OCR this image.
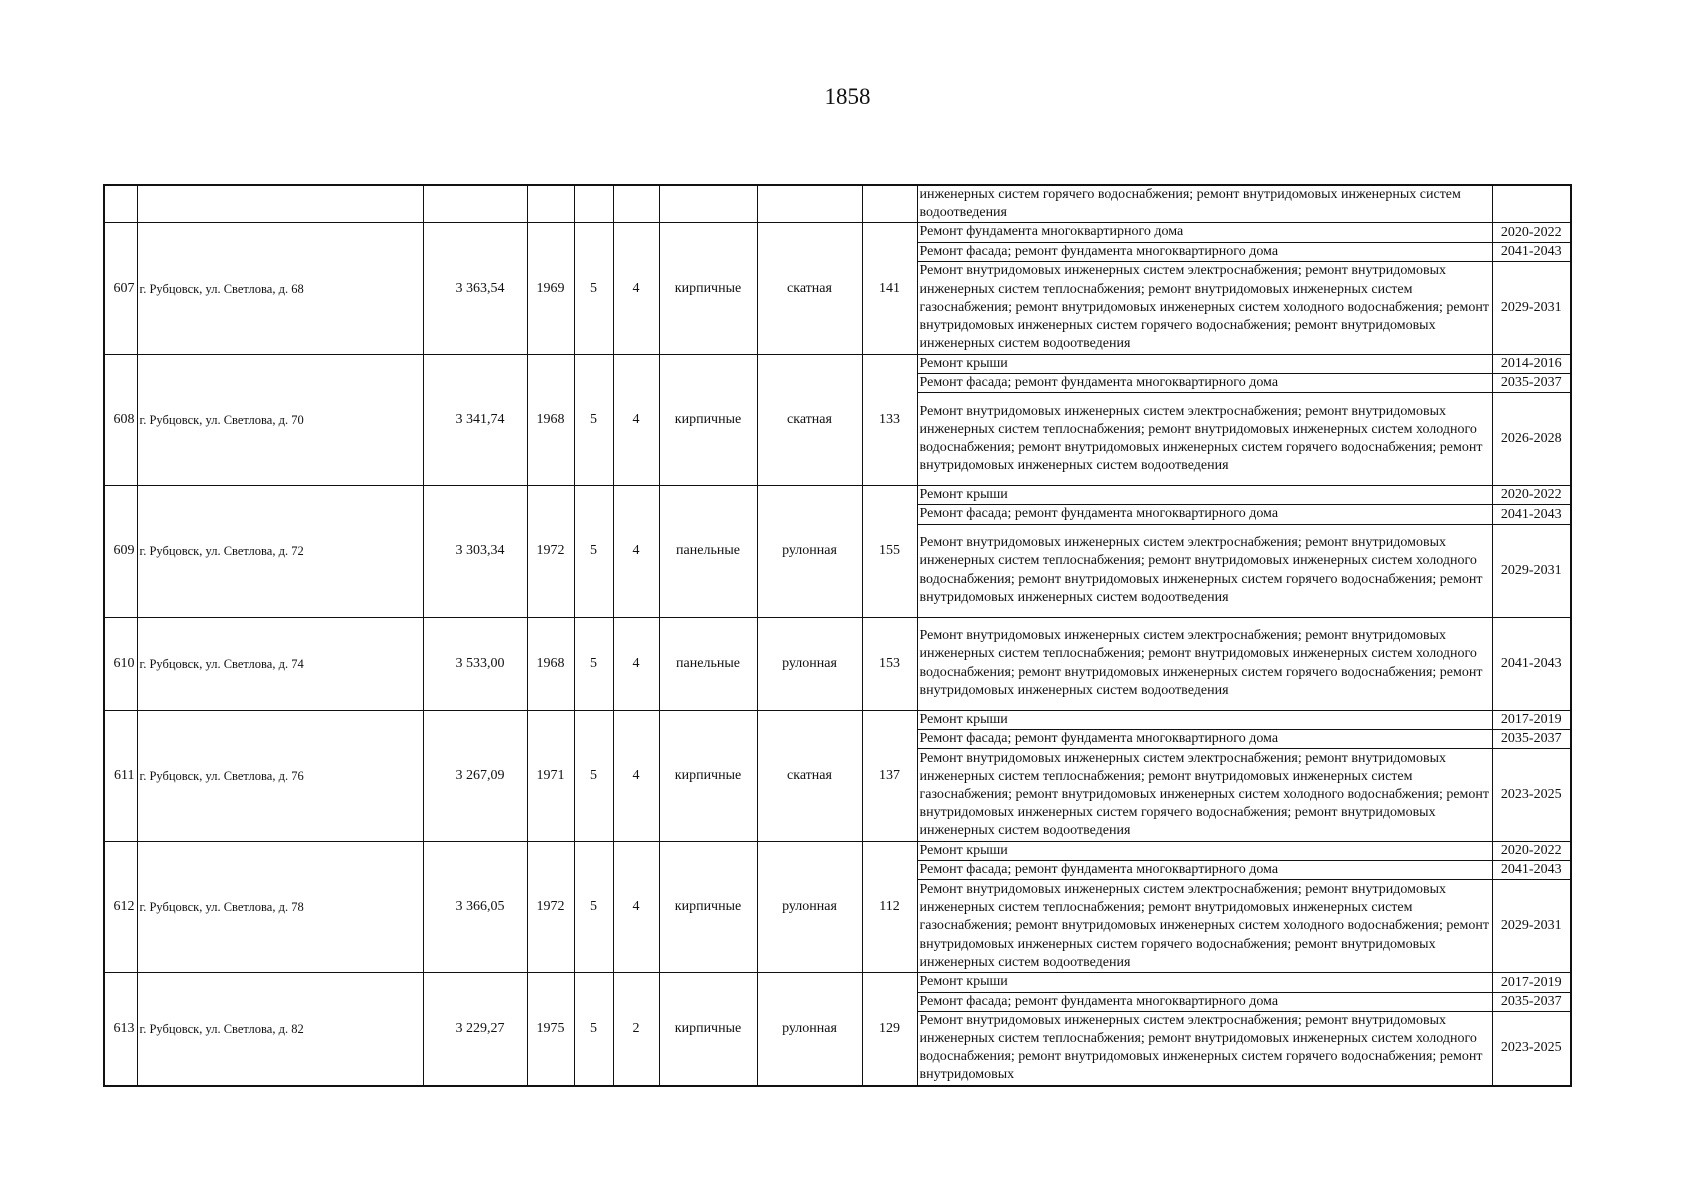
1858
									инженерных систем горячего водоснабжения; ремонт внутридомовых инженерных систем водоотведения	
607	г. Рубцовск, ул. Светлова, д. 68	3 363,54	1969	5	4	кирпичные	скатная	141	Ремонт фундамента многоквартирного дома	2020-2022
									Ремонт фасада; ремонт фундамента многоквартирного дома	2041-2043
									Ремонт внутридомовых инженерных систем электроснабжения; ремонт внутридомовых инженерных систем теплоснабжения; ремонт внутридомовых инженерных систем газоснабжения; ремонт внутридомовых инженерных систем холодного водоснабжения; ремонт внутридомовых инженерных систем горячего водоснабжения; ремонт внутридомовых инженерных систем водоотведения	2029-2031
608	г. Рубцовск, ул. Светлова, д. 70	3 341,74	1968	5	4	кирпичные	скатная	133	Ремонт крыши	2014-2016
									Ремонт фасада; ремонт фундамента многоквартирного дома	2035-2037
									Ремонт внутридомовых инженерных систем электроснабжения; ремонт внутридомовых инженерных систем теплоснабжения; ремонт внутридомовых инженерных систем холодного водоснабжения; ремонт внутридомовых инженерных систем горячего водоснабжения; ремонт внутридомовых инженерных систем водоотведения	2026-2028
609	г. Рубцовск, ул. Светлова, д. 72	3 303,34	1972	5	4	панельные	рулонная	155	Ремонт крыши	2020-2022
									Ремонт фасада; ремонт фундамента многоквартирного дома	2041-2043
									Ремонт внутридомовых инженерных систем электроснабжения; ремонт внутридомовых инженерных систем теплоснабжения; ремонт внутридомовых инженерных систем холодного водоснабжения; ремонт внутридомовых инженерных систем горячего водоснабжения; ремонт внутридомовых инженерных систем водоотведения	2029-2031
610	г. Рубцовск, ул. Светлова, д. 74	3 533,00	1968	5	4	панельные	рулонная	153	Ремонт внутридомовых инженерных систем электроснабжения; ремонт внутридомовых инженерных систем теплоснабжения; ремонт внутридомовых инженерных систем холодного водоснабжения; ремонт внутридомовых инженерных систем горячего водоснабжения; ремонт внутридомовых инженерных систем водоотведения	2041-2043
611	г. Рубцовск, ул. Светлова, д. 76	3 267,09	1971	5	4	кирпичные	скатная	137	Ремонт крыши	2017-2019
									Ремонт фасада; ремонт фундамента многоквартирного дома	2035-2037
									Ремонт внутридомовых инженерных систем электроснабжения; ремонт внутридомовых инженерных систем теплоснабжения; ремонт внутридомовых инженерных систем газоснабжения; ремонт внутридомовых инженерных систем холодного водоснабжения; ремонт внутридомовых инженерных систем горячего водоснабжения; ремонт внутридомовых инженерных систем водоотведения	2023-2025
612	г. Рубцовск, ул. Светлова, д. 78	3 366,05	1972	5	4	кирпичные	рулонная	112	Ремонт крыши	2020-2022
									Ремонт фасада; ремонт фундамента многоквартирного дома	2041-2043
									Ремонт внутридомовых инженерных систем электроснабжения; ремонт внутридомовых инженерных систем теплоснабжения; ремонт внутридомовых инженерных систем газоснабжения; ремонт внутридомовых инженерных систем холодного водоснабжения; ремонт внутридомовых инженерных систем горячего водоснабжения; ремонт внутридомовых инженерных систем водоотведения	2029-2031
613	г. Рубцовск, ул. Светлова, д. 82	3 229,27	1975	5	2	кирпичные	рулонная	129	Ремонт крыши	2017-2019
									Ремонт фасада; ремонт фундамента многоквартирного дома	2035-2037
									Ремонт внутридомовых инженерных систем электроснабжения; ремонт внутридомовых инженерных систем теплоснабжения; ремонт внутридомовых инженерных систем холодного водоснабжения; ремонт внутридомовых инженерных систем горячего водоснабжения; ремонт внутридомовых	2023-2025
